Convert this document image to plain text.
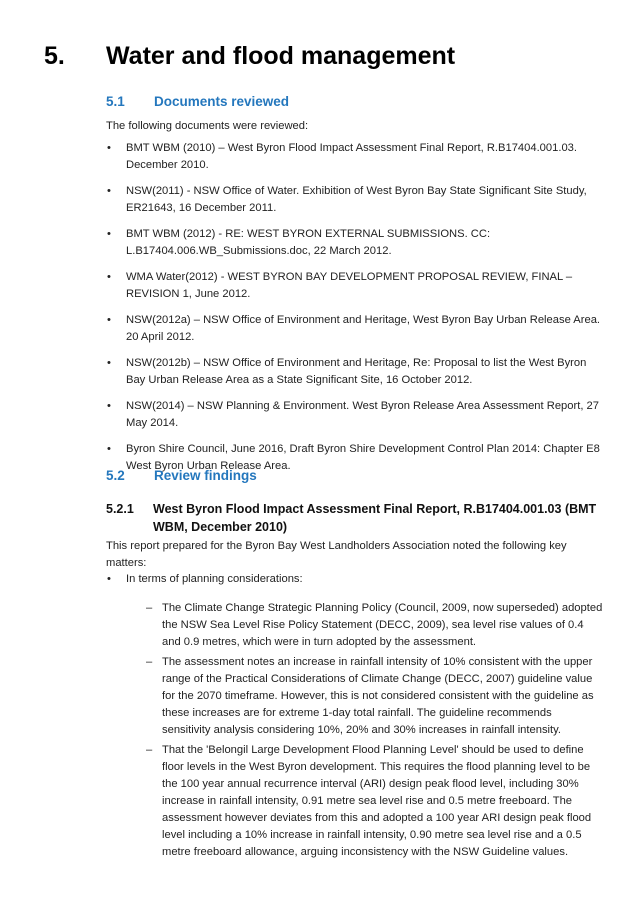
5.	Water and flood management
5.1	Documents reviewed
The following documents were reviewed:
• BMT WBM (2010) – West Byron Flood Impact Assessment Final Report, R.B17404.001.03. December 2010.
• NSW(2011) - NSW Office of Water. Exhibition of West Byron Bay State Significant Site Study, ER21643, 16 December 2011.
• BMT WBM (2012) - RE: WEST BYRON EXTERNAL SUBMISSIONS. CC: L.B17404.006.WB_Submissions.doc, 22 March 2012.
• WMA Water(2012) - WEST BYRON BAY DEVELOPMENT PROPOSAL REVIEW, FINAL – REVISION 1, June 2012.
• NSW(2012a) – NSW Office of Environment and Heritage, West Byron Bay Urban Release Area. 20 April 2012.
• NSW(2012b) – NSW Office of Environment and Heritage, Re: Proposal to list the West Byron Bay Urban Release Area as a State Significant Site, 16 October 2012.
• NSW(2014) – NSW Planning & Environment. West Byron Release Area Assessment Report, 27 May 2014.
• Byron Shire Council, June 2016, Draft Byron Shire Development Control Plan 2014: Chapter E8 West Byron Urban Release Area.
5.2	Review findings
5.2.1	West Byron Flood Impact Assessment Final Report, R.B17404.001.03 (BMT WBM, December 2010)
This report prepared for the Byron Bay West Landholders Association noted the following key matters:
•	In terms of planning considerations:
– The Climate Change Strategic Planning Policy (Council, 2009, now superseded) adopted the NSW Sea Level Rise Policy Statement (DECC, 2009), sea level rise values of 0.4 and 0.9 metres, which were in turn adopted by the assessment.
– The assessment notes an increase in rainfall intensity of 10% consistent with the upper range of the Practical Considerations of Climate Change (DECC, 2007) guideline value for the 2070 timeframe. However, this is not considered consistent with the guideline as these increases are for extreme 1-day total rainfall. The guideline recommends sensitivity analysis considering 10%, 20% and 30% increases in rainfall intensity.
– That the 'Belongil Large Development Flood Planning Level' should be used to define floor levels in the West Byron development. This requires the flood planning level to be the 100 year annual recurrence interval (ARI) design peak flood level, including 30% increase in rainfall intensity, 0.91 metre sea level rise and 0.5 metre freeboard. The assessment however deviates from this and adopted a 100 year ARI design peak flood level including a 10% increase in rainfall intensity, 0.90 metre sea level rise and a 0.5 metre freeboard allowance, arguing inconsistency with the NSW Guideline values.
